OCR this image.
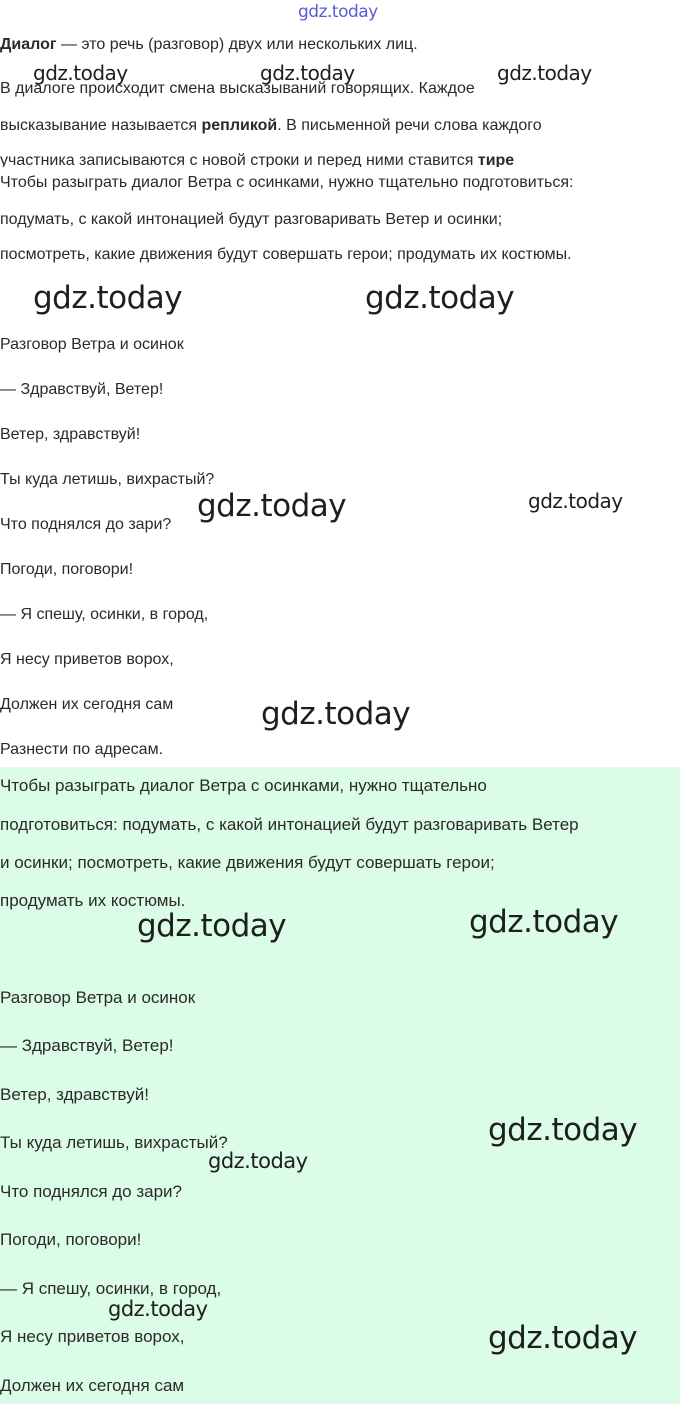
gdz.today
Диалог — это речь (разговор) двух или нескольких лиц.
В диалоге происходит смена высказываний говорящих. Каждое
высказывание называется репликой. В письменной речи слова каждого
участника записываются с новой строки и перед ними ставится тире
Чтобы разыграть диалог Ветра с осинками, нужно тщательно подготовиться:
подумать, с какой интонацией будут разговаривать Ветер и осинки;
посмотреть, какие движения будут совершать герои; продумать их костюмы.
Разговор Ветра и осинок
— Здравствуй, Ветер!
Ветер, здравствуй!
Ты куда летишь, вихрастый?
Что поднялся до зари?
Погоди, поговори!
— Я спешу, осинки, в город,
Я несу приветов ворох,
Должен их сегодня сам
Разнести по адресам.
Чтобы разыграть диалог Ветра с осинками, нужно тщательно
подготовиться: подумать, с какой интонацией будут разговаривать Ветер
и осинки; посмотреть, какие движения будут совершать герои;
продумать их костюмы.
Разговор Ветра и осинок
— Здравствуй, Ветер!
Ветер, здравствуй!
Ты куда летишь, вихрастый?
Что поднялся до зари?
Погоди, поговори!
— Я спешу, осинки, в город,
Я несу приветов ворох,
Должен их сегодня сам
gdz.today	gdz.today	gdz.today
gdz.today	gdz.today
gdz.today	gdz.today
gdz.today
gdz.today	gdz.today
gdz.today
gdz.today
gdz.today
gdz.today
